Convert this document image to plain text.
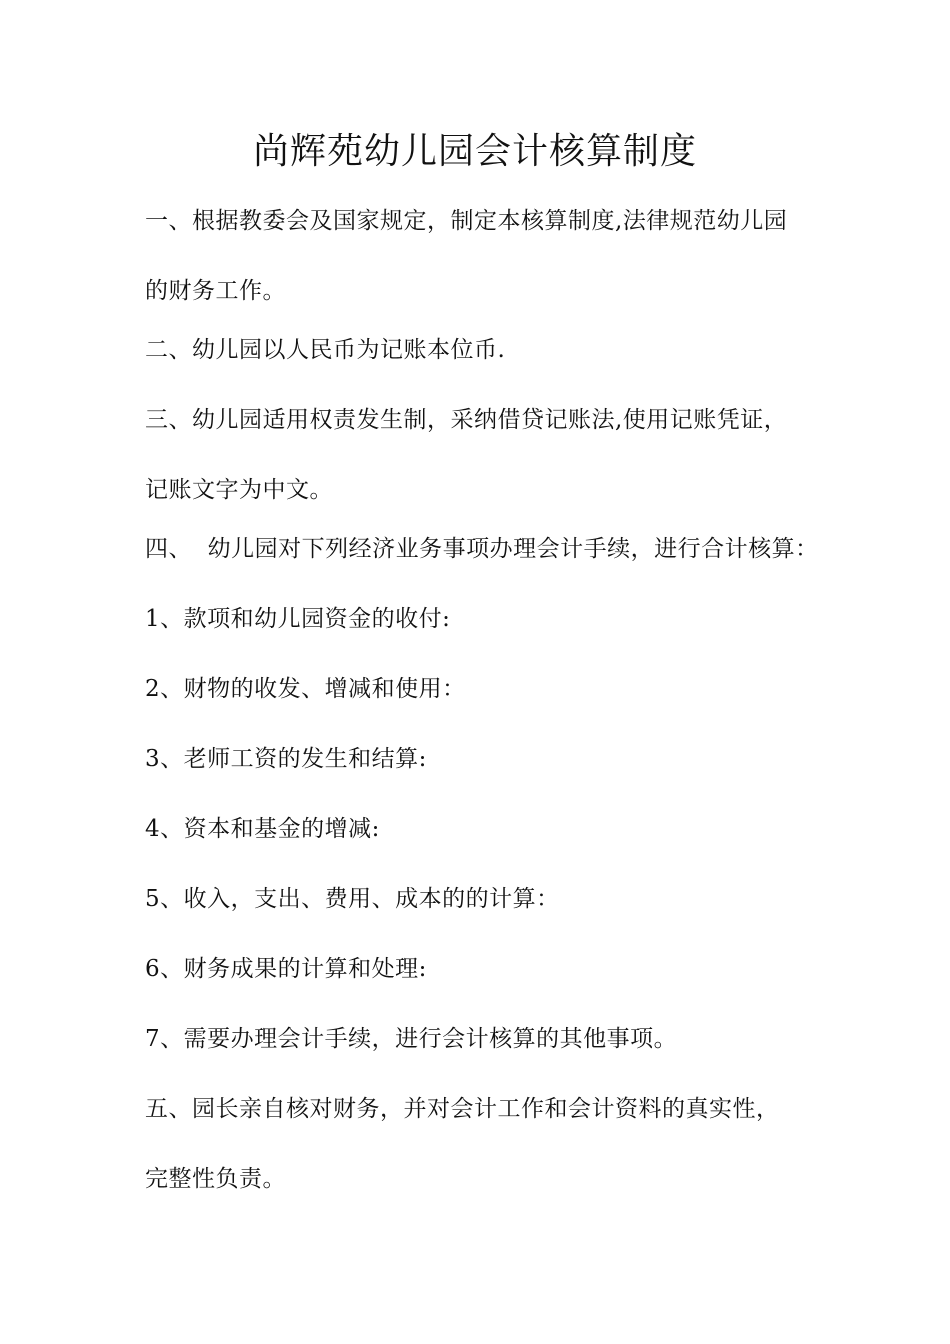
尚辉苑幼儿园会计核算制度

一、根据教委会及国家规定，制定本核算制度,法律规范幼儿园
的财务工作。

二、幼儿园以人民币为记账本位币.

三、幼儿园适用权责发生制，采纳借贷记账法,使用记账凭证，
记账文字为中文。

四、  幼儿园对下列经济业务事项办理会计手续，进行合计核算：

1、款项和幼儿园资金的收付:

2、财物的收发、增减和使用：

3、老师工资的发生和结算:

4、资本和基金的增减:

5、收入，支出、费用、成本的的计算：

6、财务成果的计算和处理:

7、需要办理会计手续，进行会计核算的其他事项。

五、园长亲自核对财务，并对会计工作和会计资料的真实性，
完整性负责。
